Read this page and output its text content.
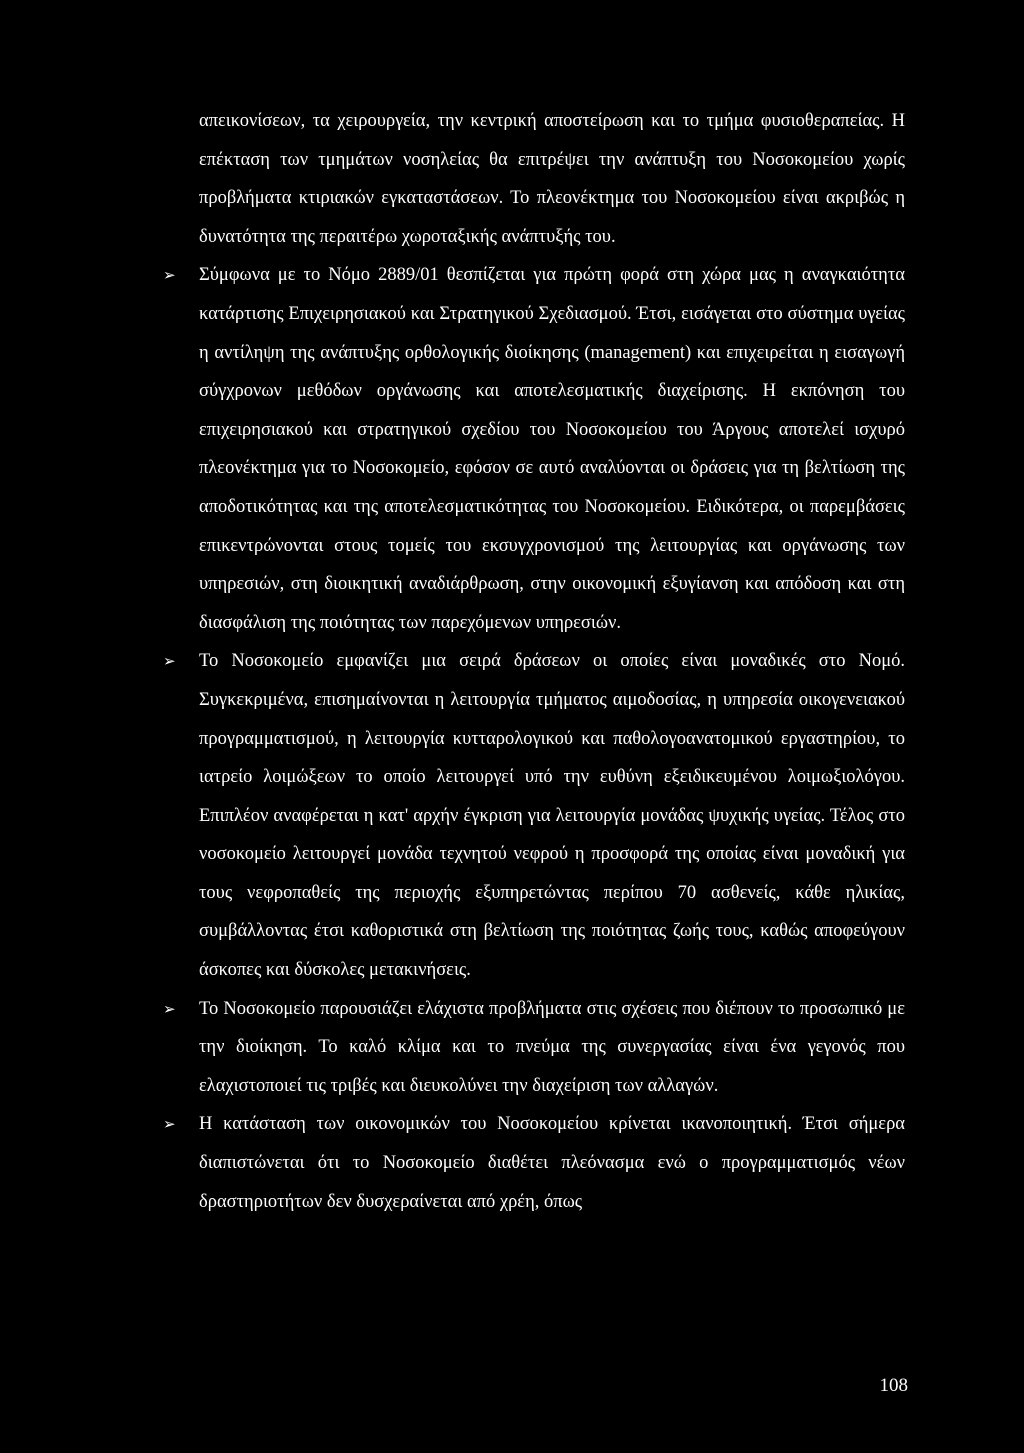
απεικονίσεων, τα χειρουργεία, την κεντρική αποστείρωση και το τμήμα φυσιοθεραπείας. Η επέκταση των τμημάτων νοσηλείας θα επιτρέψει την ανάπτυξη του Νοσοκομείου χωρίς προβλήματα κτιριακών εγκαταστάσεων. Το πλεονέκτημα του Νοσοκομείου είναι ακριβώς η δυνατότητα της περαιτέρω χωροταξικής ανάπτυξής του.

➢ Σύμφωνα με το Νόμο 2889/01 θεσπίζεται για πρώτη φορά στη χώρα μας η αναγκαιότητα κατάρτισης Επιχειρησιακού και Στρατηγικού Σχεδιασμού. Έτσι, εισάγεται στο σύστημα υγείας η αντίληψη της ανάπτυξης ορθολογικής διοίκησης (management) και επιχειρείται η εισαγωγή σύγχρονων μεθόδων οργάνωσης και αποτελεσματικής διαχείρισης. Η εκπόνηση του επιχειρησιακού και στρατηγικού σχεδίου του Νοσοκομείου του Άργους αποτελεί ισχυρό πλεονέκτημα για το Νοσοκομείο, εφόσον σε αυτό αναλύονται οι δράσεις για τη βελτίωση της αποδοτικότητας και της αποτελεσματικότητας του Νοσοκομείου. Ειδικότερα, οι παρεμβάσεις επικεντρώνονται στους τομείς του εκσυγχρονισμού της λειτουργίας και οργάνωσης των υπηρεσιών, στη διοικητική αναδιάρθρωση, στην οικονομική εξυγίανση και απόδοση και στη διασφάλιση της ποιότητας των παρεχόμενων υπηρεσιών.

➢ Το Νοσοκομείο εμφανίζει μια σειρά δράσεων οι οποίες είναι μοναδικές στο Νομό. Συγκεκριμένα, επισημαίνονται η λειτουργία τμήματος αιμοδοσίας, η υπηρεσία οικογενειακού προγραμματισμού, η λειτουργία κυτταρολογικού και παθολογοανατομικού εργαστηρίου, το ιατρείο λοιμώξεων το οποίο λειτουργεί υπό την ευθύνη εξειδικευμένου λοιμωξιολόγου. Επιπλέον αναφέρεται η κατ' αρχήν έγκριση για λειτουργία μονάδας ψυχικής υγείας. Τέλος στο νοσοκομείο λειτουργεί μονάδα τεχνητού νεφρού η προσφορά της οποίας είναι μοναδική για τους νεφροπαθείς της περιοχής εξυπηρετώντας περίπου 70 ασθενείς, κάθε ηλικίας, συμβάλλοντας έτσι καθοριστικά στη βελτίωση της ποιότητας ζωής τους, καθώς αποφεύγουν άσκοπες και δύσκολες μετακινήσεις.

➢ Το Νοσοκομείο παρουσιάζει ελάχιστα προβλήματα στις σχέσεις που διέπουν το προσωπικό με την διοίκηση. Το καλό κλίμα και το πνεύμα της συνεργασίας είναι ένα γεγονός που ελαχιστοποιεί τις τριβές και διευκολύνει την διαχείριση των αλλαγών.

➢ Η κατάσταση των οικονομικών του Νοσοκομείου κρίνεται ικανοποιητική. Έτσι σήμερα διαπιστώνεται ότι το Νοσοκομείο διαθέτει πλεόνασμα ενώ ο προγραμματισμός νέων δραστηριοτήτων δεν δυσχεραίνεται από χρέη, όπως

108
